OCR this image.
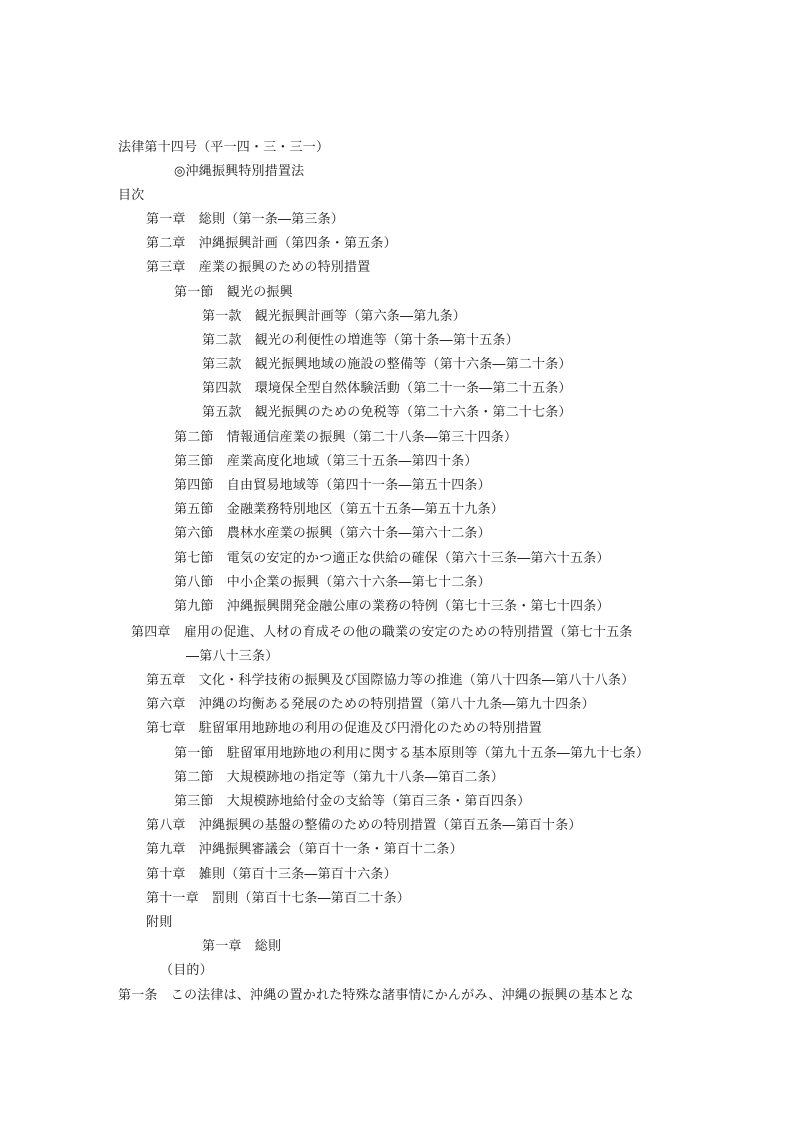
法律第十四号（平一四・三・三一）
◎沖縄振興特別措置法
目次
第一章　総則（第一条―第三条）
第二章　沖縄振興計画（第四条・第五条）
第三章　産業の振興のための特別措置
第一節　観光の振興
第一款　観光振興計画等（第六条―第九条）
第二款　観光の利便性の増進等（第十条―第十五条）
第三款　観光振興地域の施設の整備等（第十六条―第二十条）
第四款　環境保全型自然体験活動（第二十一条―第二十五条）
第五款　観光振興のための免税等（第二十六条・第二十七条）
第二節　情報通信産業の振興（第二十八条―第三十四条）
第三節　産業高度化地域（第三十五条―第四十条）
第四節　自由貿易地域等（第四十一条―第五十四条）
第五節　金融業務特別地区（第五十五条―第五十九条）
第六節　農林水産業の振興（第六十条―第六十二条）
第七節　電気の安定的かつ適正な供給の確保（第六十三条―第六十五条）
第八節　中小企業の振興（第六十六条―第七十二条）
第九節　沖縄振興開発金融公庫の業務の特例（第七十三条・第七十四条）
第四章　雇用の促進、人材の育成その他の職業の安定のための特別措置（第七十五条
―第八十三条）
第五章　文化・科学技術の振興及び国際協力等の推進（第八十四条―第八十八条）
第六章　沖縄の均衡ある発展のための特別措置（第八十九条―第九十四条）
第七章　駐留軍用地跡地の利用の促進及び円滑化のための特別措置
第一節　駐留軍用地跡地の利用に関する基本原則等（第九十五条―第九十七条）
第二節　大規模跡地の指定等（第九十八条―第百二条）
第三節　大規模跡地給付金の支給等（第百三条・第百四条）
第八章　沖縄振興の基盤の整備のための特別措置（第百五条―第百十条）
第九章　沖縄振興審議会（第百十一条・第百十二条）
第十章　雑則（第百十三条―第百十六条）
第十一章　罰則（第百十七条―第百二十条）
附則
第一章　総則
（目的）
第一条　この法律は、沖縄の置かれた特殊な諸事情にかんがみ、沖縄の振興の基本とな
